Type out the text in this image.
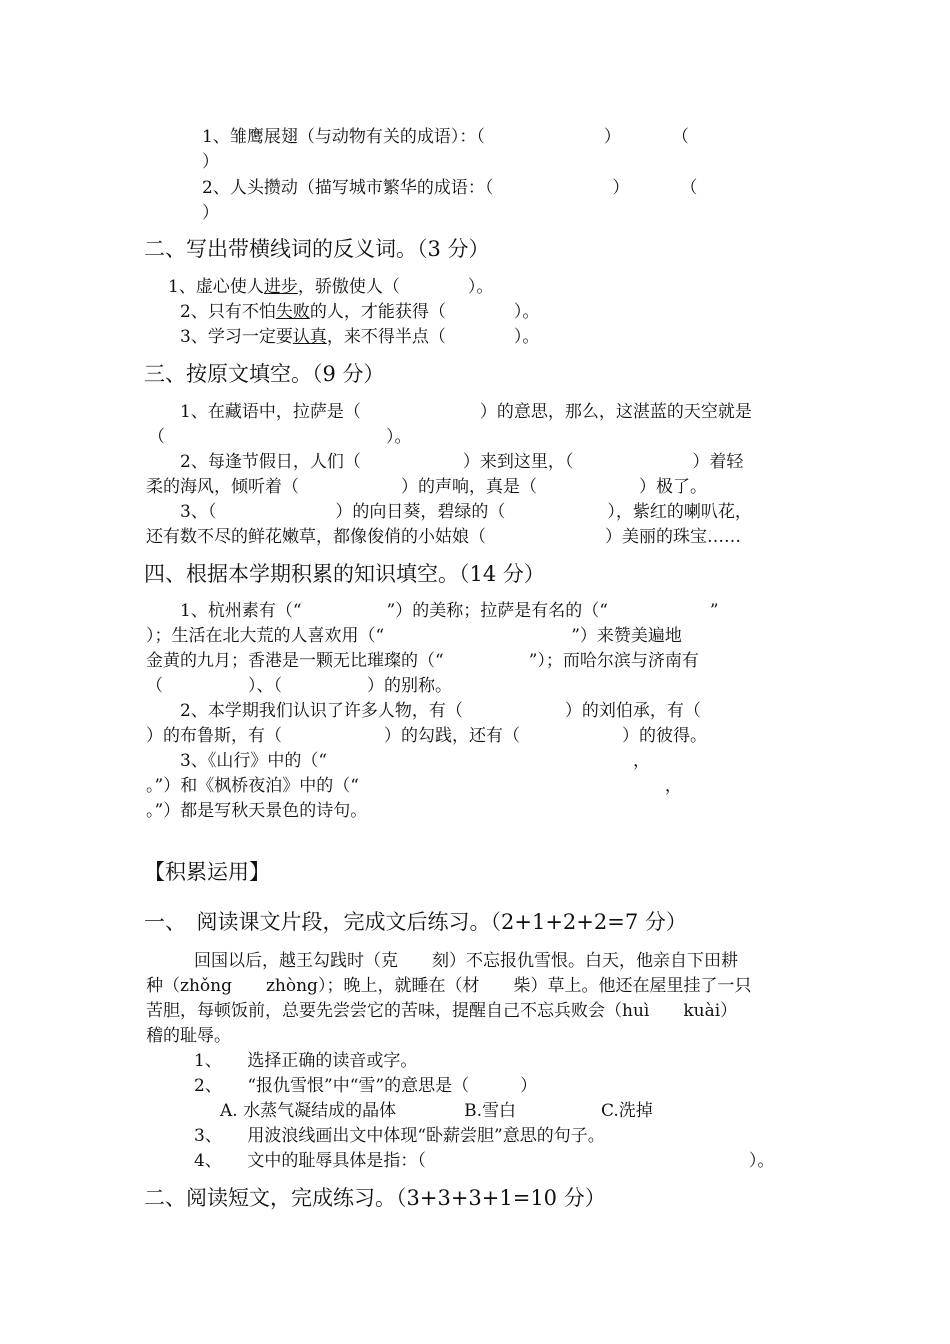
1、雏鹰展翅（与动物有关的成语）：（　　　　　　　）　　　　（
）
2、人头攒动（描写城市繁华的成语：（　　　　　　　）　　　　（
）
二、写出带横线词的反义词。（3 分）
1、虚心使人进步，骄傲使人（　　　　）。
2、只有不怕失败的人，才能获得（　　　　）。
3、学习一定要认真，来不得半点（　　　　）。
三、按原文填空。（9 分）
1、在藏语中，拉萨是（　　　　　　　）的意思，那么，这湛蓝的天空就是
（　　　　　　　　　　　　　）。
2、每逢节假日，人们（　　　　　　）来到这里，（　　　　　　　）着轻
柔的海风，倾听着（　　　　　　）的声响，真是（　　　　　　）极了。
3、（　　　　　　　）的向日葵，碧绿的（　　　　　　），紫红的喇叭花，
还有数不尽的鲜花嫩草，都像俊俏的小姑娘（　　　　　　　）美丽的珠宝……
四、根据本学期积累的知识填空。（14 分）
1、杭州素有（“　　　　　”）的美称；拉萨是有名的（“　　　　　　”
）；生活在北大荒的人喜欢用（“　　　　　　　　　　　”）来赞美遍地
金黄的九月；香港是一颗无比璀璨的（“　　　　　”）；而哈尔滨与济南有
（　　　　　）、（　　　　　）的别称。
2、本学期我们认识了许多人物，有（　　　　　　）的刘伯承，有（
）的布鲁斯，有（　　　　　　）的勾践，还有（　　　　　　）的彼得。
3、《山行》中的（“　　　　　　　　　　　　　　　　　　，
。”）和《枫桥夜泊》中的（“　　　　　　　　　　　　　　　　　　，
。”）都是写秋天景色的诗句。
【积累运用】
一、　阅读课文片段，完成文后练习。（2+1+2+2=7 分）
回国以后，越王勾践时（克　　刻）不忘报仇雪恨。白天，他亲自下田耕
种（zhǒng　　zhòng）；晚上，就睡在（材　　柴）草上。他还在屋里挂了一只
苦胆，每顿饭前，总要先尝尝它的苦味，提醒自己不忘兵败会（huì　　kuài）
稽的耻辱。
1、　　选择正确的读音或字。
2、　　“报仇雪恨”中“雪”的意思是（　　　）
A. 水蒸气凝结成的晶体　　　　B.雪白　　　　　C.洗掉
3、　　用波浪线画出文中体现“卧薪尝胆”意思的句子。
4、　　文中的耻辱具体是指：（　　　　　　　　　　　　　　　　　　　）。
二、阅读短文，完成练习。（3+3+3+1=10 分）
